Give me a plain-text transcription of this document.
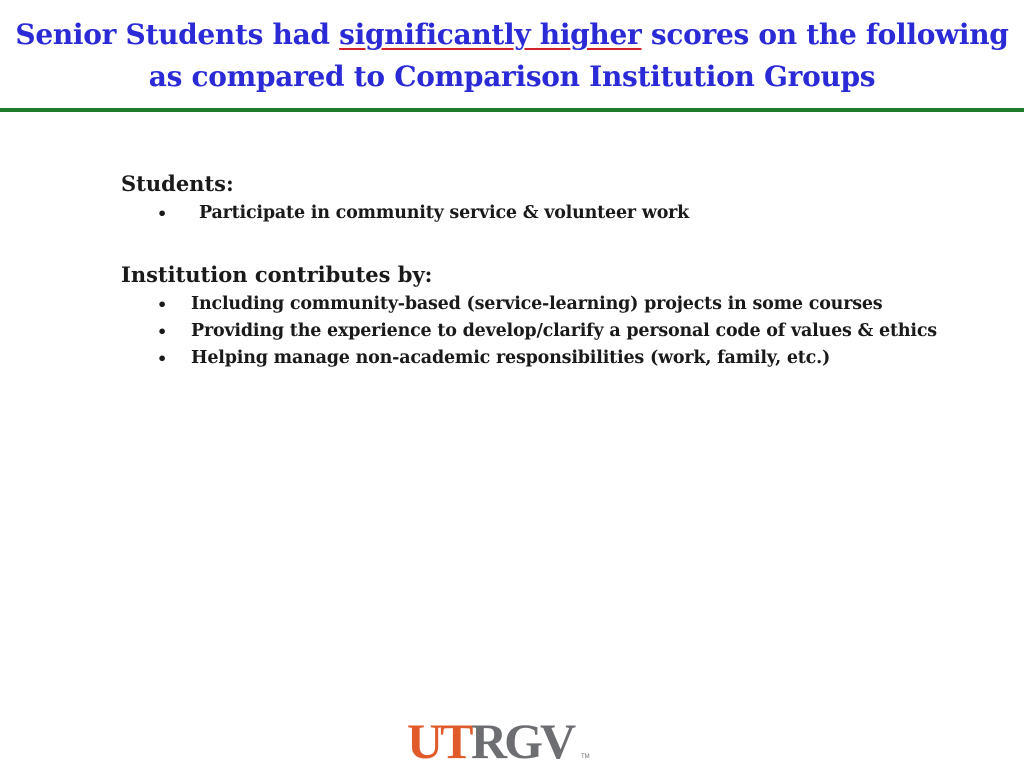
Senior Students had significantly higher scores on the following
as compared to Comparison Institution Groups

Students:

• Participate in community service & volunteer work

Institution contributes by:

• Including community-based (service-learning) projects in some courses
• Providing the experience to develop/clarify a personal code of values & ethics
• Helping manage non-academic responsibilities (work, family, etc.)
UT RGV	TM
